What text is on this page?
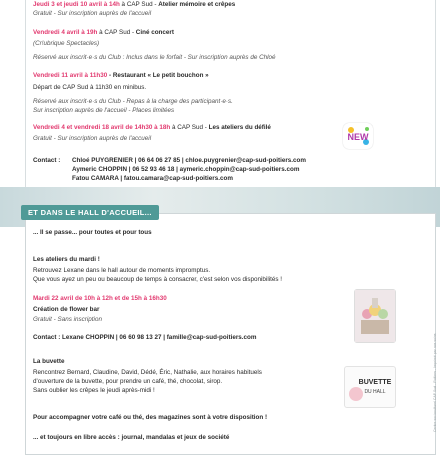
Jeudi 3 et jeudi 10 avril à 14h à CAP Sud - Atelier mémoire et crêpes
Gratuit - Sur inscription auprès de l'accueil
Vendredi 4 avril à 19h à CAP Sud - Ciné concert
(Cr!ubrique Spectacles)
Réservé aux inscrit·e·s du Club : Inclus dans le forfait - Sur inscription auprès de Chloé
Vendredi 11 avril à 11h30 - Restaurant « Le petit bouchon »
Départ de CAP Sud à 11h30 en minibus.
Réservé aux inscrit·e·s du Club - Repas à la charge des participant·e·s.
Sur inscription auprès de l'accueil - Places limitées
Vendredi 4 et vendredi 18 avril de 14h30 à 18h à CAP Sud - Les ateliers du défilé
Gratuit - Sur inscription auprès de l'accueil
Contact : Chloé PUYGRENIER | 06 64 06 27 85 | chloe.puygrenier@cap-sud-poitiers.com
Aymeric CHOPPIN | 06 52 93 46 18 | aymeric.choppin@cap-sud-poitiers.com
Fatou CAMARA | fatou.camara@cap-sud-poitiers.com
NEW
ET DANS LE HALL D'ACCUEIL...
... Il se passe... pour toutes et pour tous
Les ateliers du mardi !
Retrouvez Lexane dans le hall autour de moments impromptus.
Que vous ayez un peu ou beaucoup de temps à consacrer, c'est selon vos disponibilités !
Mardi 22 avril de 10h à 12h et de 15h à 16h30
Création de flower bar
Gratuit - Sans inscription
Contact : Lexane CHOPPIN | 06 60 98 13 27 | famille@cap-sud-poitiers.com
La buvette
Rencontrez Bernard, Claudine, David, Dédé, Éric, Nathalie, aux horaires habituels
d'ouverture de la buvette, pour prendre un café, thé, chocolat, sirop.
Sans oublier les crêpes le jeudi après-midi !
BUVETTE
DU HALL
Pour accompagner votre café ou thé, des magazines sont à votre disposition !
... et toujours en libre accès : journal, mandalas et jeux de société
Centre socioculturel CAP Sud - Poitiers - Imprimé par nos soins
